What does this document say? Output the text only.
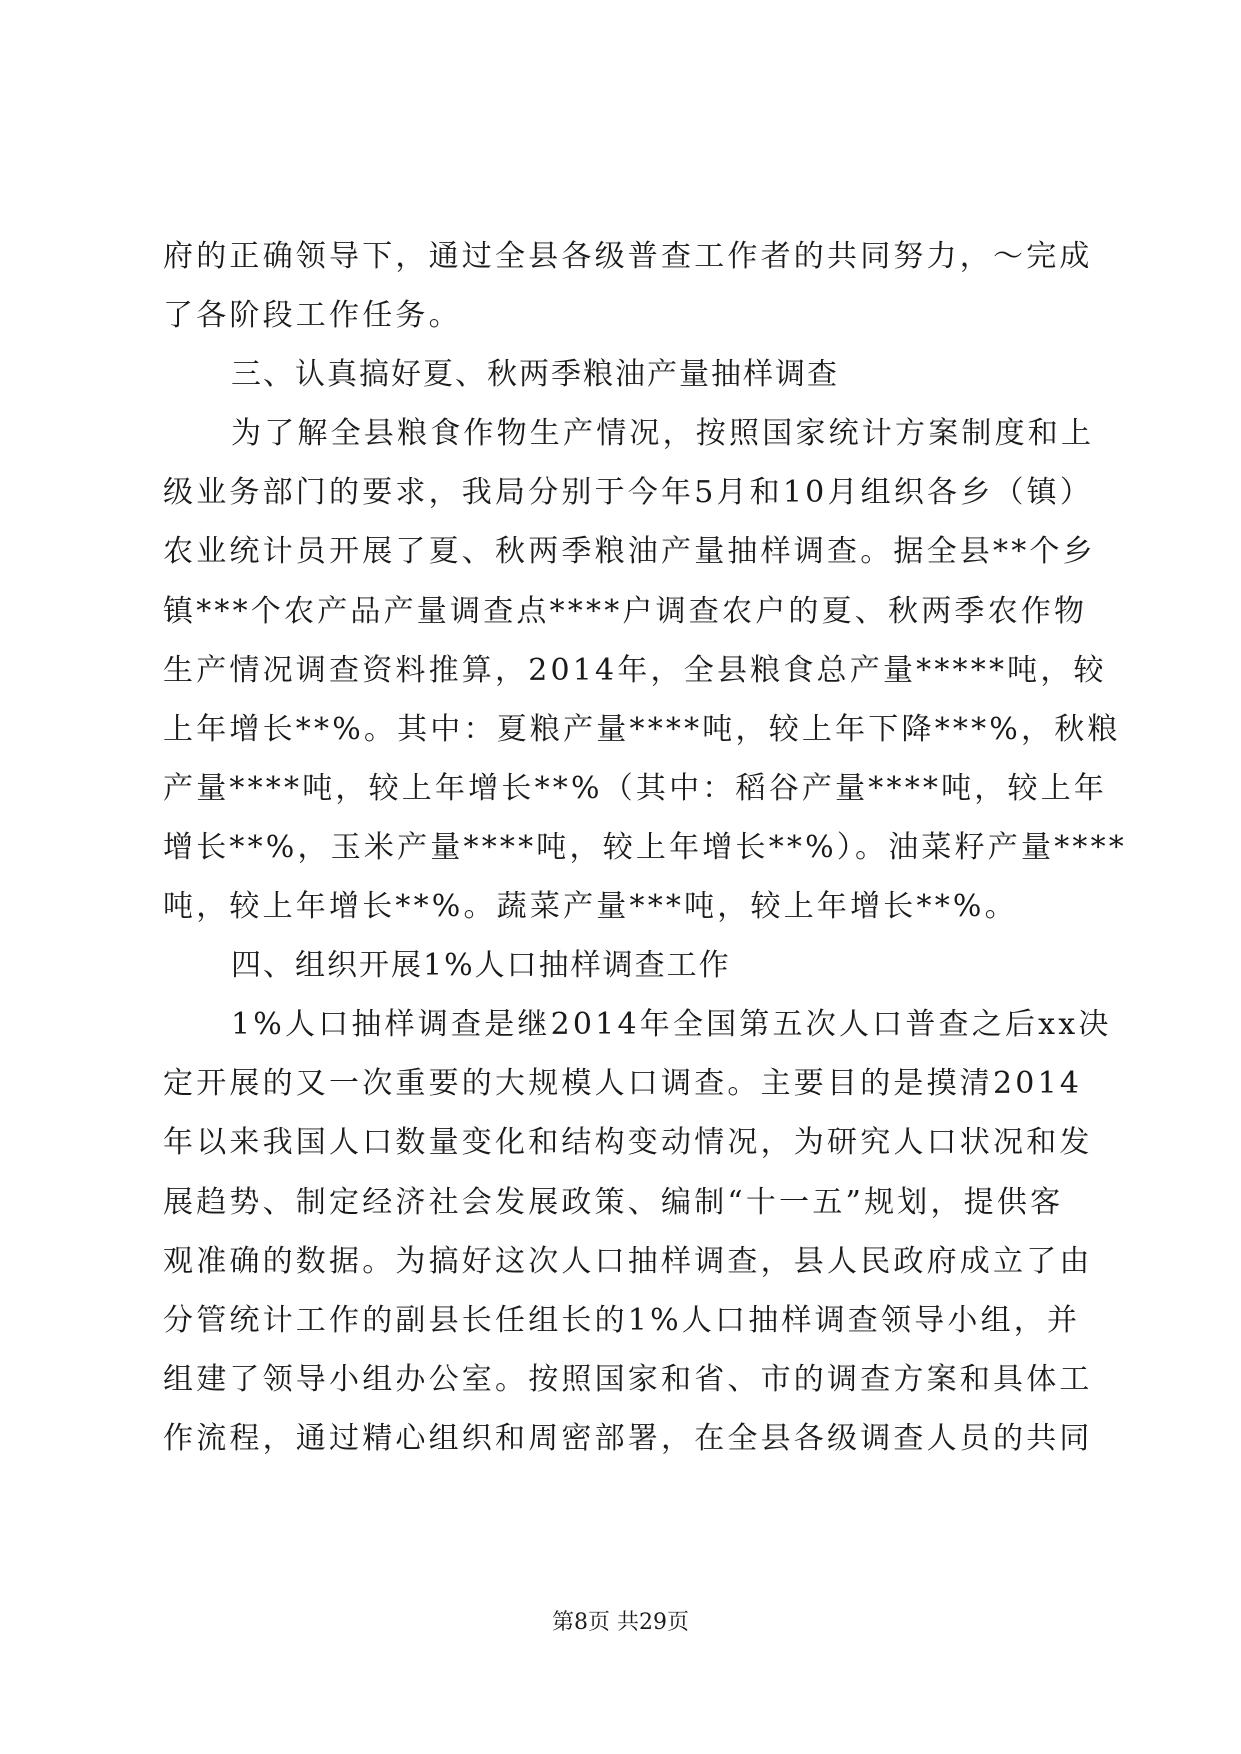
府的正确领导下，通过全县各级普查工作者的共同努力，～完成
了各阶段工作任务。
三、认真搞好夏、秋两季粮油产量抽样调查
为了解全县粮食作物生产情况，按照国家统计方案制度和上
级业务部门的要求，我局分别于今年5月和10月组织各乡（镇）
农业统计员开展了夏、秋两季粮油产量抽样调查。据全县**个乡
镇***个农产品产量调查点****户调查农户的夏、秋两季农作物
生产情况调查资料推算，2014年，全县粮食总产量*****吨，较
上年增长**%。其中：夏粮产量****吨，较上年下降***%，秋粮
产量****吨，较上年增长**%（其中：稻谷产量****吨，较上年
增长**%，玉米产量****吨，较上年增长**%）。油菜籽产量****
吨，较上年增长**%。蔬菜产量***吨，较上年增长**%。
四、组织开展1%人口抽样调查工作
1%人口抽样调查是继2014年全国第五次人口普查之后xx决
定开展的又一次重要的大规模人口调查。主要目的是摸清2014
年以来我国人口数量变化和结构变动情况，为研究人口状况和发
展趋势、制定经济社会发展政策、编制“十一五”规划，提供客
观准确的数据。为搞好这次人口抽样调查，县人民政府成立了由
分管统计工作的副县长任组长的1%人口抽样调查领导小组，并
组建了领导小组办公室。按照国家和省、市的调查方案和具体工
作流程，通过精心组织和周密部署，在全县各级调查人员的共同
第8页 共29页
